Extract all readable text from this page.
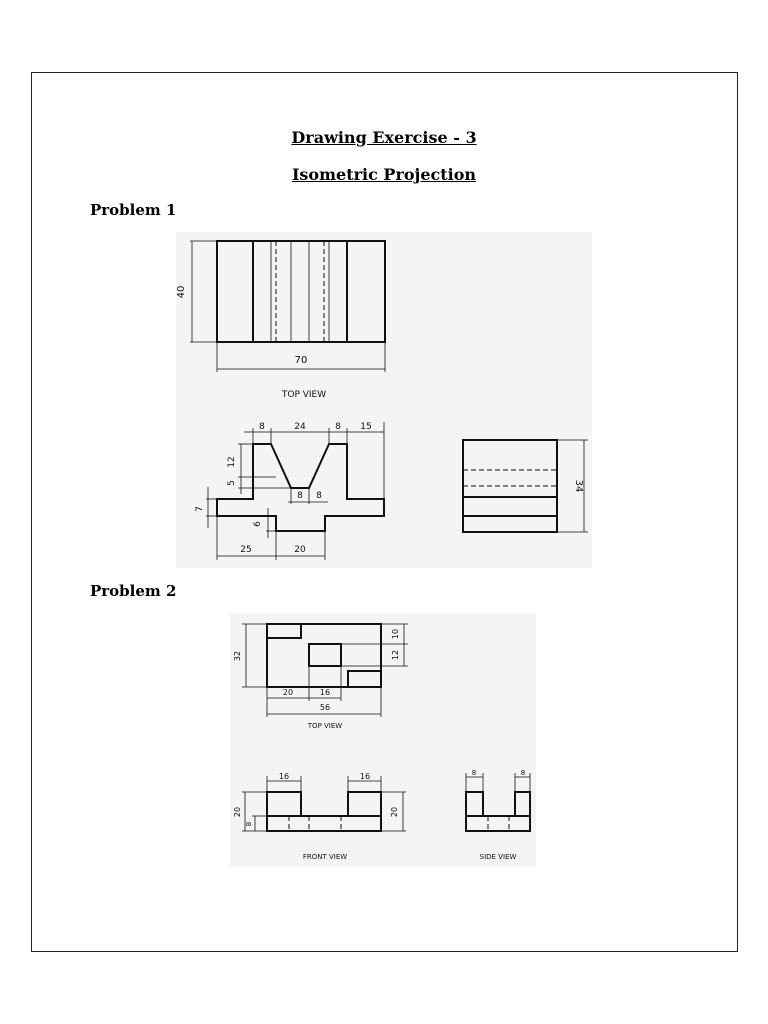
Drawing Exercise - 3
Isometric Projection
Problem 1
40
70
TOP VIEW
8	24	8 15
12
5
8 8
7
6
25	20
34
Problem 2
32
10
12
20	16
56
TOP VIEW
16	16
20
8
20
FRONT VIEW
8	8
SIDE VIEW
